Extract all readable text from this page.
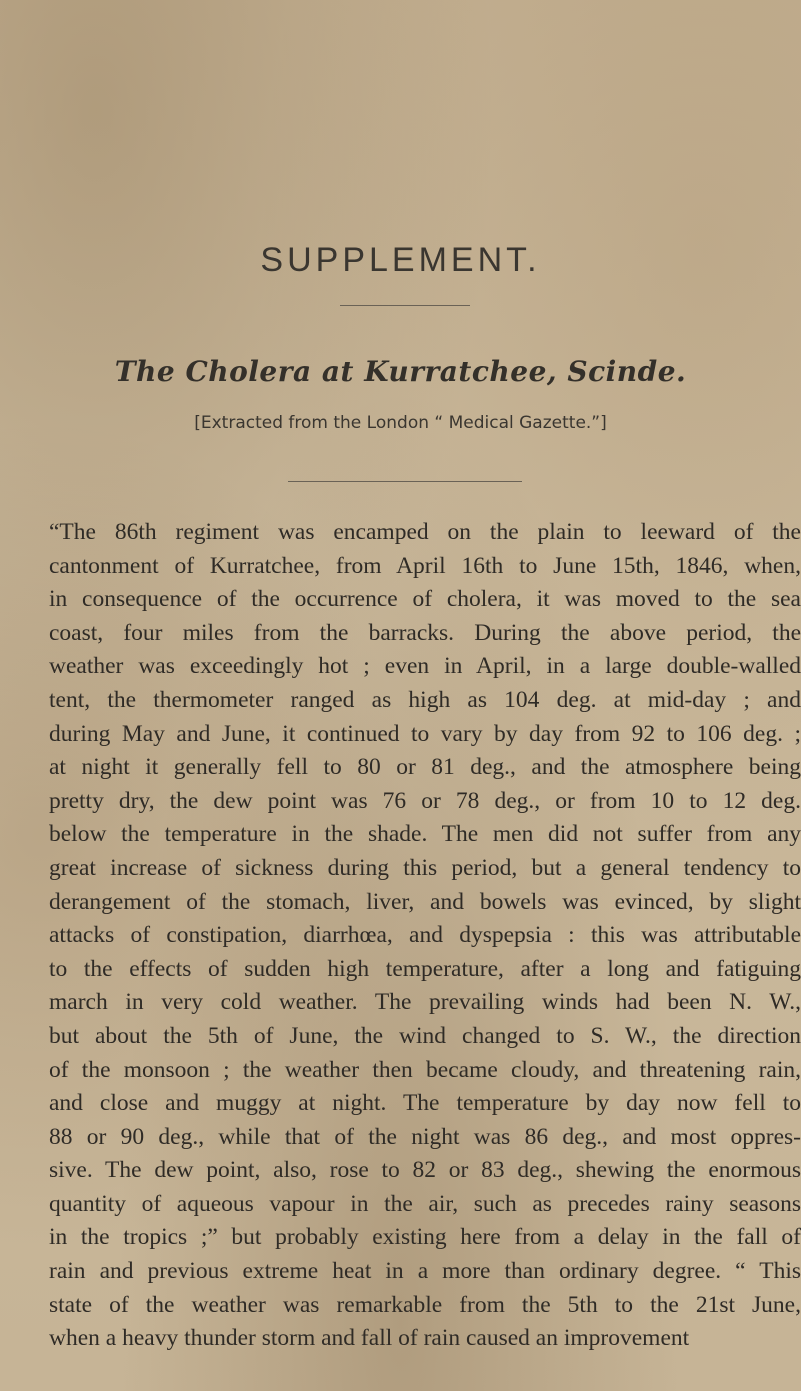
SUPPLEMENT.
The Cholera at Kurratchee, Scinde.

[Extracted from the London “ Medical Gazette.”]

“The 86th regiment was encamped on the plain to leeward of the
cantonment of Kurratchee, from April 16th to June 15th, 1846, when,
in consequence of the occurrence of cholera, it was moved to the sea
coast, four miles from the barracks. During the above period, the
weather was exceedingly hot ; even in April, in a large double-walled
tent, the thermometer ranged as high as 104 deg. at mid-day ; and
during May and June, it continued to vary by day from 92 to 106 deg. ;
at night it generally fell to 80 or 81 deg., and the atmosphere being
pretty dry, the dew point was 76 or 78 deg., or from 10 to 12 deg.
below the temperature in the shade. The men did not suffer from any
great increase of sickness during this period, but a general tendency to
derangement of the stomach, liver, and bowels was evinced, by slight
attacks of constipation, diarrhœa, and dyspepsia : this was attributable
to the effects of sudden high temperature, after a long and fatiguing
march in very cold weather. The prevailing winds had been N. W.,
but about the 5th of June, the wind changed to S. W., the direction
of the monsoon ; the weather then became cloudy, and threatening rain,
and close and muggy at night. The temperature by day now fell to
88 or 90 deg., while that of the night was 86 deg., and most oppres-
sive. The dew point, also, rose to 82 or 83 deg., shewing the enormous
quantity of aqueous vapour in the air, such as precedes rainy seasons
in the tropics ;” but probably existing here from a delay in the fall of
rain and previous extreme heat in a more than ordinary degree. “ This
state of the weather was remarkable from the 5th to the 21st June,
when a heavy thunder storm and fall of rain caused an improvement
